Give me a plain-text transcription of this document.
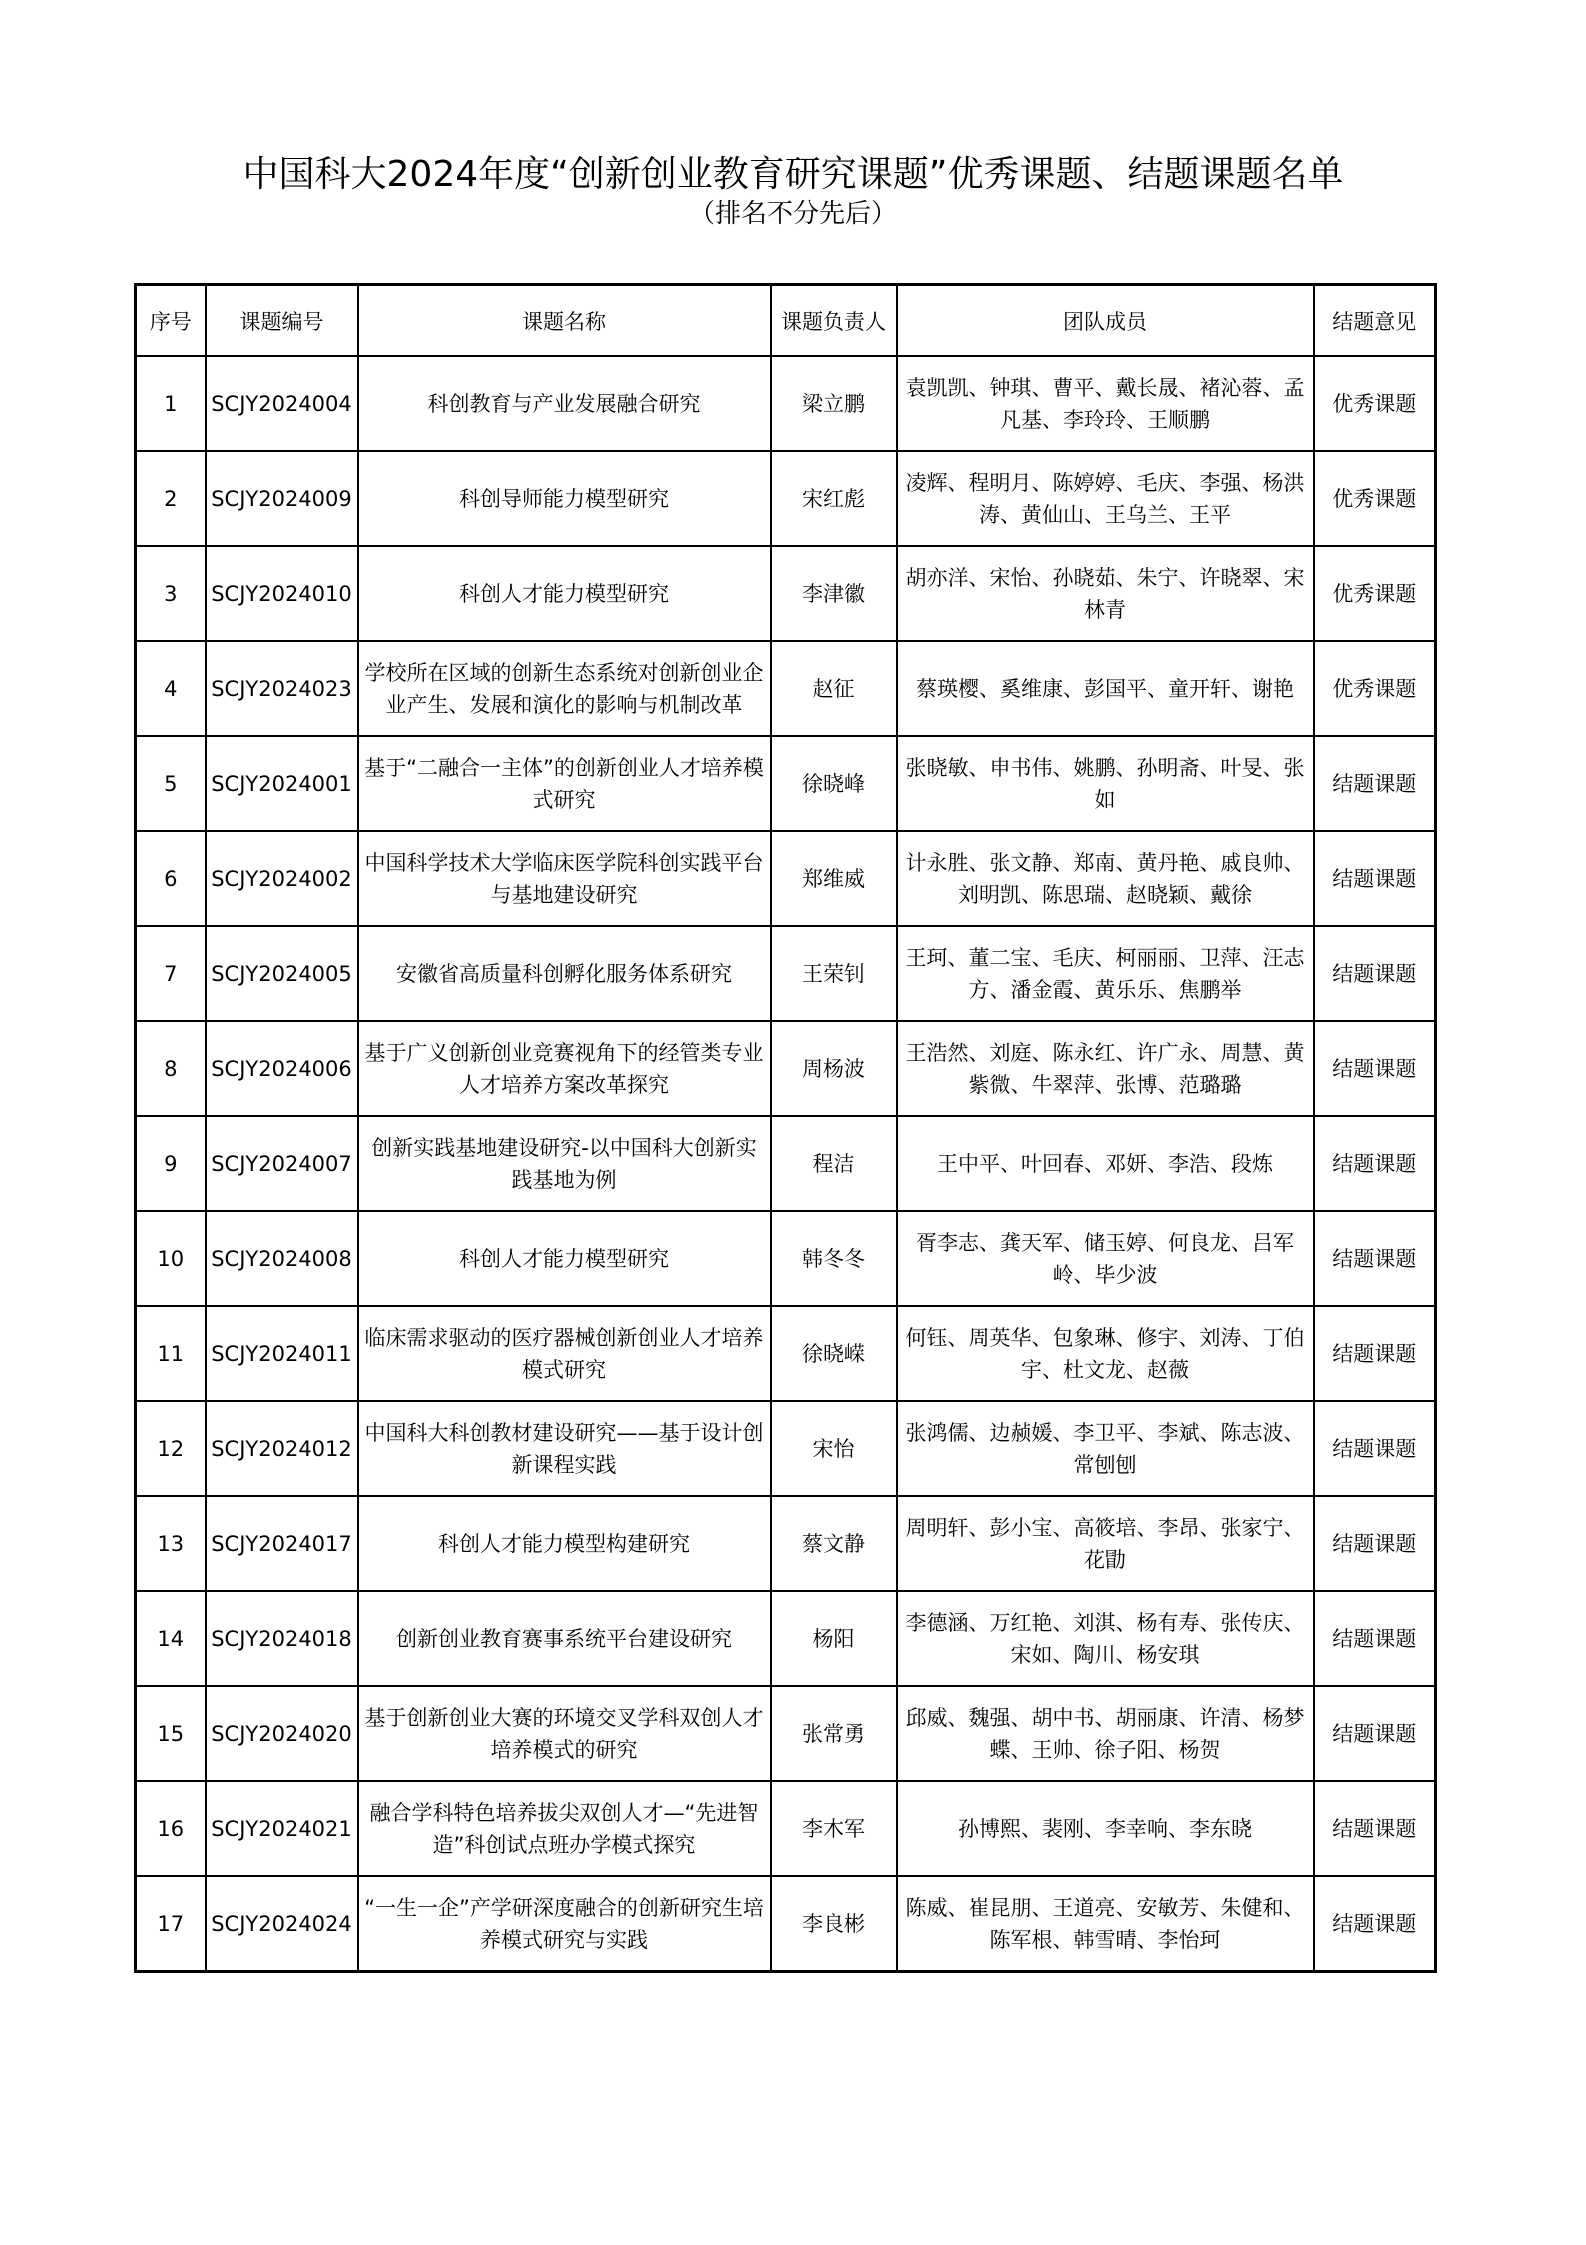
中国科大2024年度“创新创业教育研究课题”优秀课题、结题课题名单
（排名不分先后）
序号	课题编号	课题名称	课题负责人	团队成员	结题意见
1	SCJY2024004	科创教育与产业发展融合研究	梁立鹏	袁凯凯、钟琪、曹平、戴长晟、褚沁蓉、孟凡基、李玲玲、王顺鹏	优秀课题
2	SCJY2024009	科创导师能力模型研究	宋红彪	凌辉、程明月、陈婷婷、毛庆、李强、杨洪涛、黄仙山、王乌兰、王平	优秀课题
3	SCJY2024010	科创人才能力模型研究	李津徽	胡亦洋、宋怡、孙晓茹、朱宁、许晓翠、宋林青	优秀课题
4	SCJY2024023	学校所在区域的创新生态系统对创新创业企业产生、发展和演化的影响与机制改革	赵征	蔡瑛樱、奚维康、彭国平、童开轩、谢艳	优秀课题
5	SCJY2024001	基于“二融合一主体”的创新创业人才培养模式研究	徐晓峰	张晓敏、申书伟、姚鹏、孙明斋、叶旻、张如	结题课题
6	SCJY2024002	中国科学技术大学临床医学院科创实践平台与基地建设研究	郑维威	计永胜、张文静、郑南、黄丹艳、戚良帅、刘明凯、陈思瑞、赵晓颖、戴徐	结题课题
7	SCJY2024005	安徽省高质量科创孵化服务体系研究	王荣钊	王珂、董二宝、毛庆、柯丽丽、卫萍、汪志方、潘金霞、黄乐乐、焦鹏举	结题课题
8	SCJY2024006	基于广义创新创业竞赛视角下的经管类专业人才培养方案改革探究	周杨波	王浩然、刘庭、陈永红、许广永、周慧、黄紫微、牛翠萍、张博、范璐璐	结题课题
9	SCJY2024007	创新实践基地建设研究-以中国科大创新实践基地为例	程洁	王中平、叶回春、邓妍、李浩、段炼	结题课题
10	SCJY2024008	科创人才能力模型研究	韩冬冬	胥李志、龚天军、储玉婷、何良龙、吕军岭、毕少波	结题课题
11	SCJY2024011	临床需求驱动的医疗器械创新创业人才培养模式研究	徐晓嵘	何钰、周英华、包象琳、修宇、刘涛、丁伯宇、杜文龙、赵薇	结题课题
12	SCJY2024012	中国科大科创教材建设研究——基于设计创新课程实践	宋怡	张鸿儒、边赪媛、李卫平、李斌、陈志波、常刨刨	结题课题
13	SCJY2024017	科创人才能力模型构建研究	蔡文静	周明轩、彭小宝、高筱培、李昂、张家宁、花勖	结题课题
14	SCJY2024018	创新创业教育赛事系统平台建设研究	杨阳	李德涵、万红艳、刘淇、杨有寿、张传庆、宋如、陶川、杨安琪	结题课题
15	SCJY2024020	基于创新创业大赛的环境交叉学科双创人才培养模式的研究	张常勇	邱威、魏强、胡中书、胡丽康、许清、杨梦蝶、王帅、徐子阳、杨贺	结题课题
16	SCJY2024021	融合学科特色培养拔尖双创人才—“先进智造”科创试点班办学模式探究	李木军	孙博熙、裴刚、李幸响、李东晓	结题课题
17	SCJY2024024	“一生一企”产学研深度融合的创新研究生培养模式研究与实践	李良彬	陈威、崔昆朋、王道亮、安敏芳、朱健和、陈军根、韩雪晴、李怡珂	结题课题
